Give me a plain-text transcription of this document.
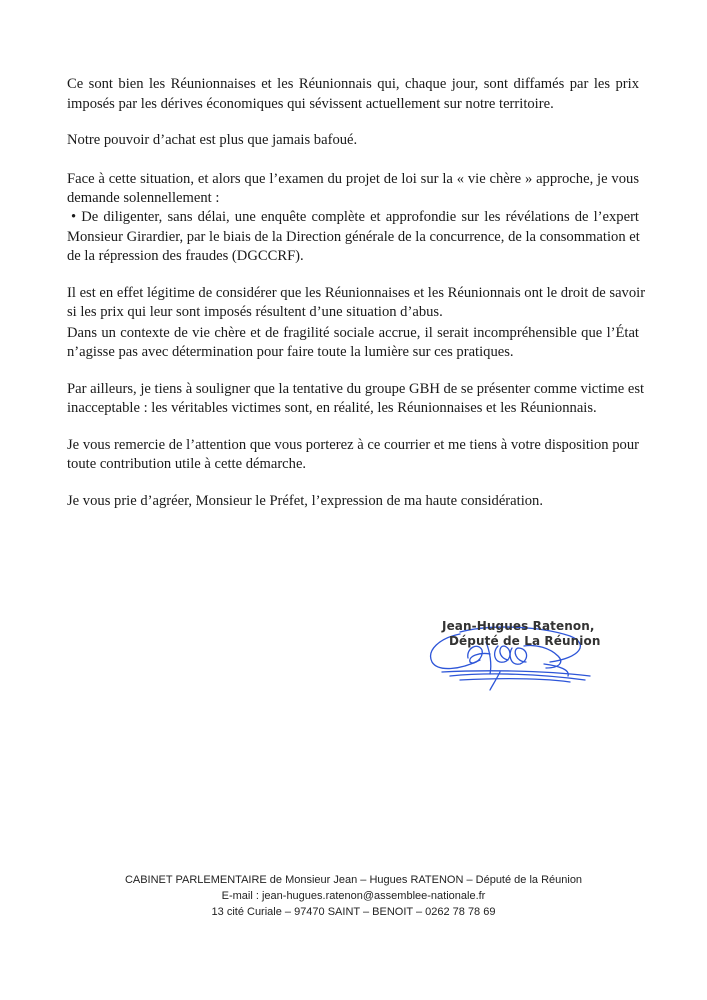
Ce sont bien les Réunionnaises et les Réunionnais qui, chaque jour, sont diffamés par les prix
imposés par les dérives économiques qui sévissent actuellement sur notre territoire.
Notre pouvoir d’achat est plus que jamais bafoué.
Face à cette situation, et alors que l’examen du projet de loi sur la « vie chère » approche, je vous
demande solennellement :
• De diligenter, sans délai, une enquête complète et approfondie sur les révélations de l’expert
Monsieur Girardier, par le biais de la Direction générale de la concurrence, de la consommation et
de la répression des fraudes (DGCCRF).
Il est en effet légitime de considérer que les Réunionnaises et les Réunionnais ont le droit de savoir
si les prix qui leur sont imposés résultent d’une situation d’abus.
Dans un contexte de vie chère et de fragilité sociale accrue, il serait incompréhensible que l’État
n’agisse pas avec détermination pour faire toute la lumière sur ces pratiques.
Par ailleurs, je tiens à souligner que la tentative du groupe GBH de se présenter comme victime est
inacceptable : les véritables victimes sont, en réalité, les Réunionnaises et les Réunionnais.
Je vous remercie de l’attention que vous porterez à ce courrier et me tiens à votre disposition pour
toute contribution utile à cette démarche.
Je vous prie d’agréer, Monsieur le Préfet, l’expression de ma haute considération.
Jean-Hugues Ratenon,
Député de La Réunion
CABINET PARLEMENTAIRE de Monsieur Jean – Hugues RATENON – Député de la Réunion
E-mail : jean-hugues.ratenon@assemblee-nationale.fr
13 cité Curiale – 97470 SAINT – BENOIT – 0262 78 78 69
